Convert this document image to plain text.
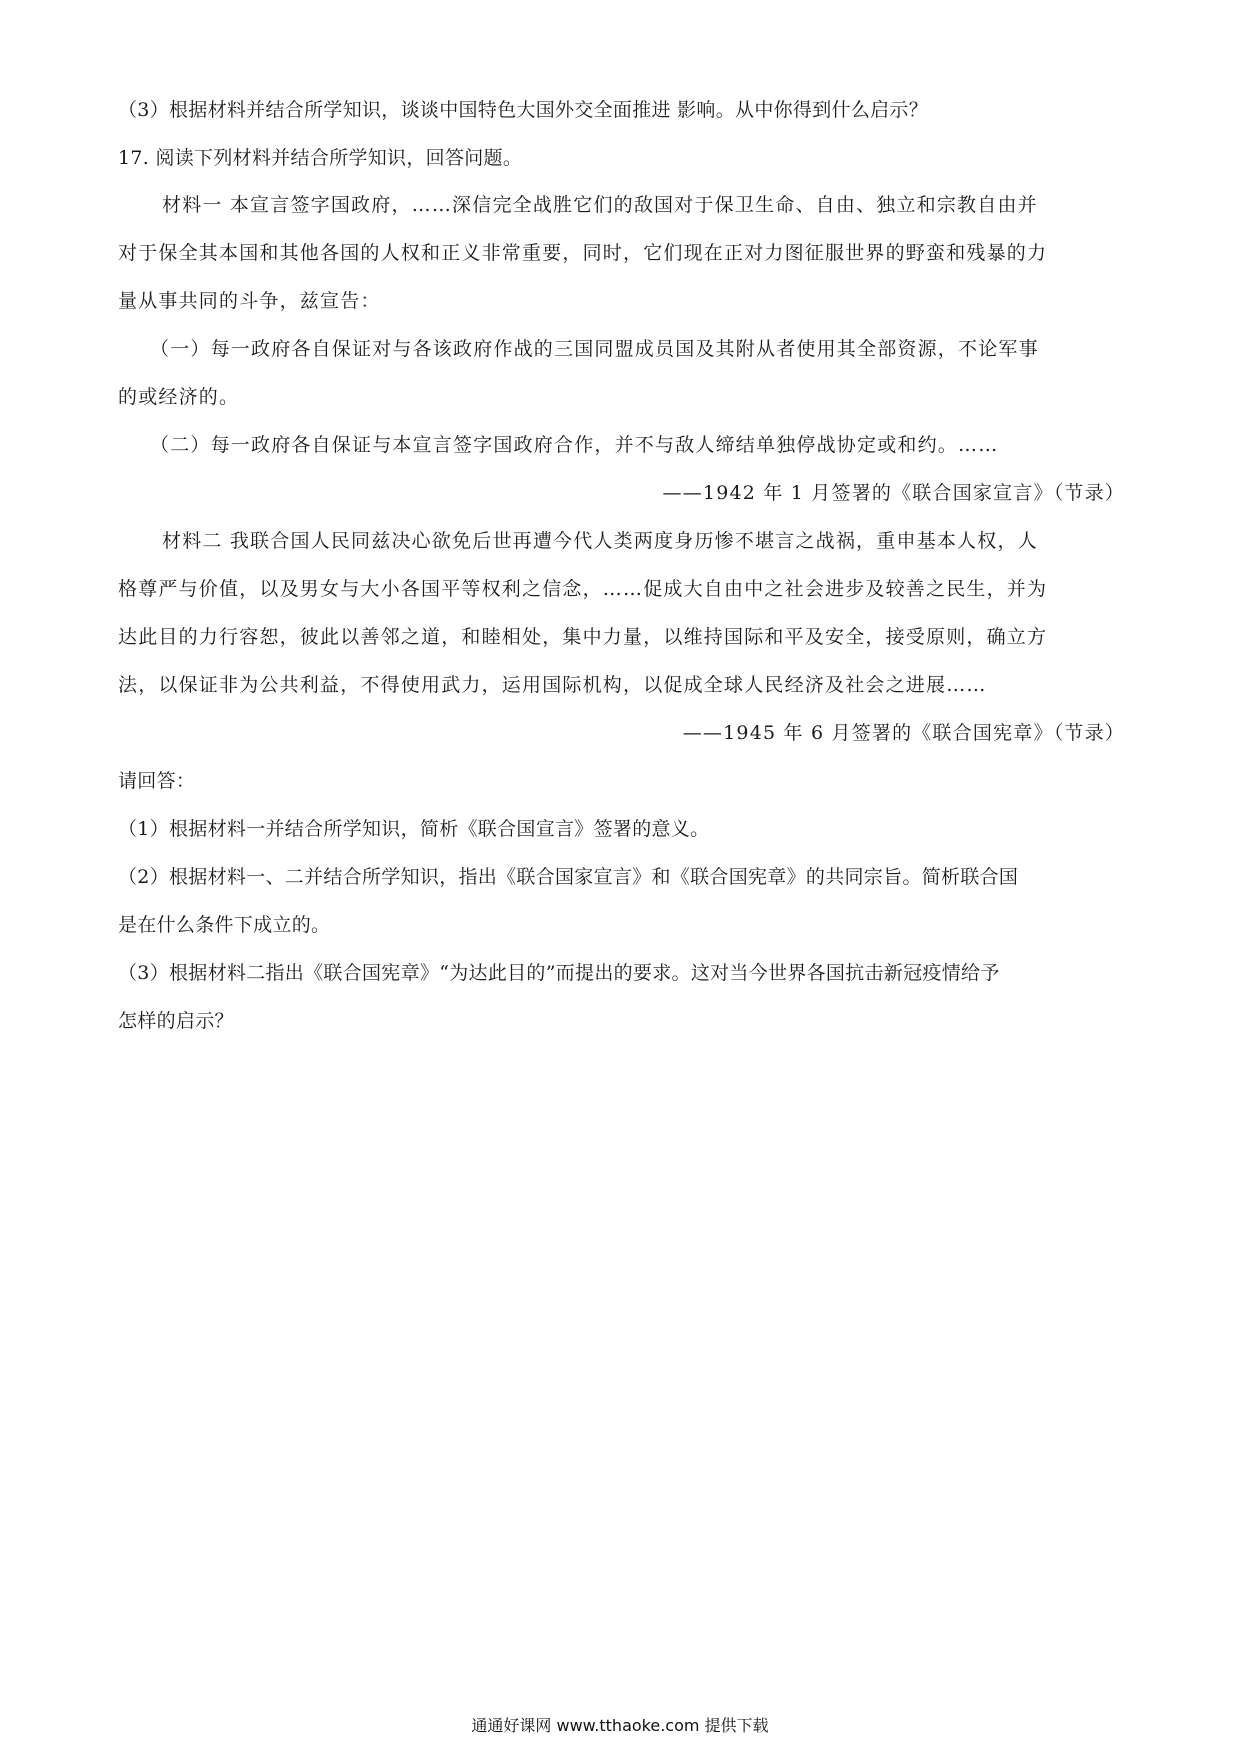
（3）根据材料并结合所学知识，谈谈中国特色大国外交全面推进 影响。从中你得到什么启示？
17. 阅读下列材料并结合所学知识，回答问题。
材料一 本宣言签字国政府，……深信完全战胜它们的敌国对于保卫生命、自由、独立和宗教自由并
对于保全其本国和其他各国的人权和正义非常重要，同时，它们现在正对力图征服世界的野蛮和残暴的力
量从事共同的斗争，兹宣告：
（一）每一政府各自保证对与各该政府作战的三国同盟成员国及其附从者使用其全部资源，不论军事
的或经济的。
（二）每一政府各自保证与本宣言签字国政府合作，并不与敌人缔结单独停战协定或和约。……
——1942 年 1 月签署的《联合国家宣言》（节录）
材料二 我联合国人民同兹决心欲免后世再遭今代人类两度身历惨不堪言之战祸，重申基本人权，人
格尊严与价值，以及男女与大小各国平等权利之信念，……促成大自由中之社会进步及较善之民生，并为
达此目的力行容恕，彼此以善邻之道，和睦相处，集中力量，以维持国际和平及安全，接受原则，确立方
法，以保证非为公共利益，不得使用武力，运用国际机构，以促成全球人民经济及社会之进展……
——1945 年 6 月签署的《联合国宪章》（节录）
请回答：
（1）根据材料一并结合所学知识，简析《联合国宣言》签署的意义。
（2）根据材料一、二并结合所学知识，指出《联合国家宣言》和《联合国宪章》的共同宗旨。简析联合国
是在什么条件下成立的。
（3）根据材料二指出《联合国宪章》“为达此目的”而提出的要求。这对当今世界各国抗击新冠疫情给予
怎样的启示？
通通好课网 www.tthaoke.com 提供下载
